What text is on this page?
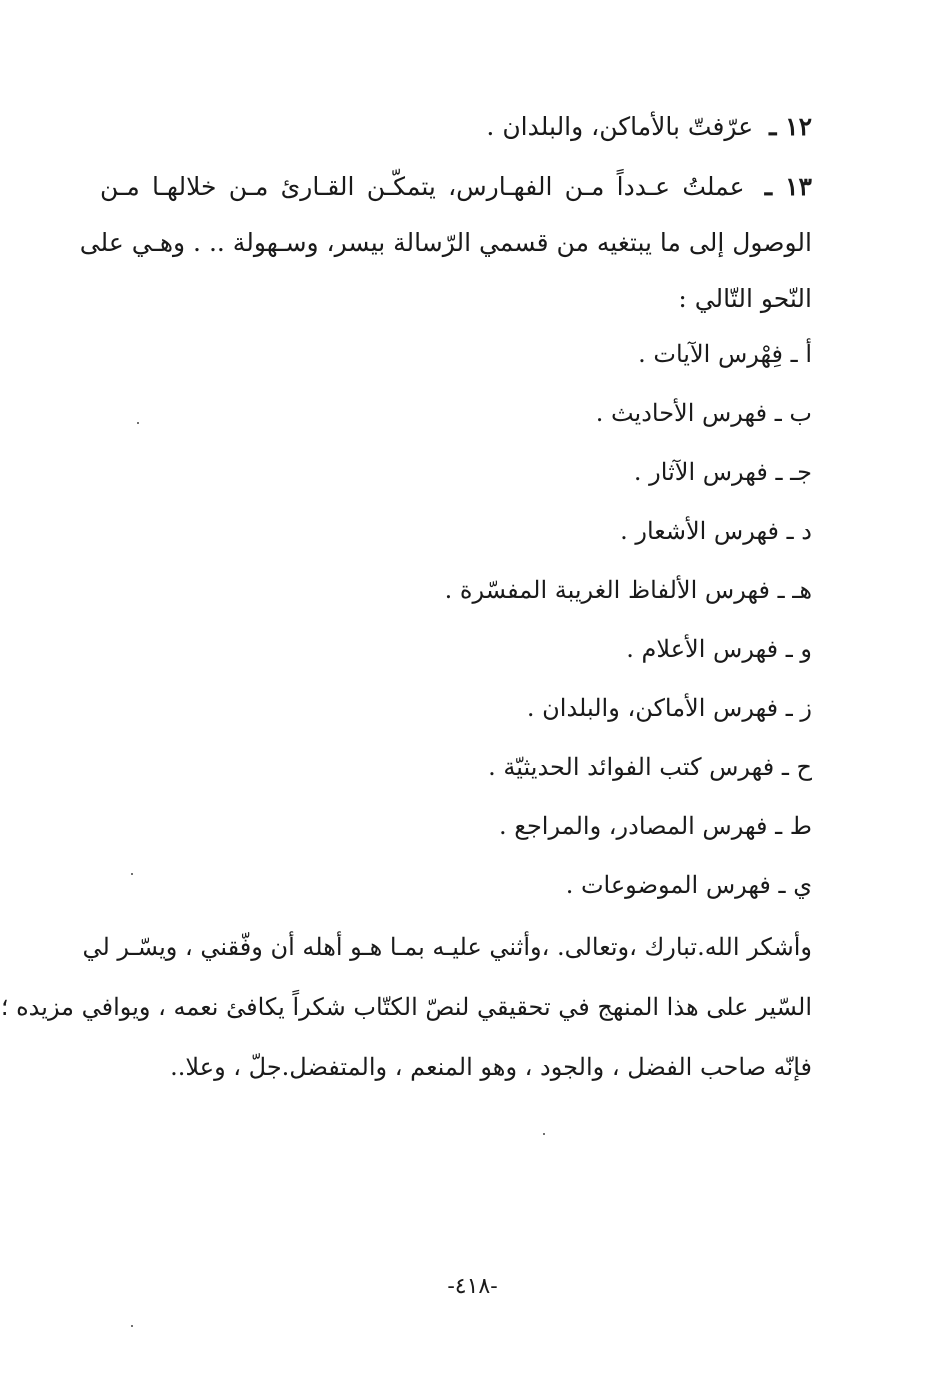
١٢ ـ عرّفتّ بالأماكن، والبلدان .
١٣ ـ عملتُ عـدداً مـن الفهـارس، يتمكّـن القـارئ مـن خلالهـا مـن
الوصول إلى ما يبتغيه من قسمي الرّسالة بيسر، وسـهولة .. . وهـي على
النّحو التّالي :
أ ـ فِهْرس الآيات .
ب ـ فهرس الأحاديث .
جـ ـ فهرس الآثار .
د ـ فهرس الأشعار .
هـ ـ فهرس الألفاظ الغريبة المفسّرة .
و ـ فهرس الأعلام .
ز ـ فهرس الأماكن، والبلدان .
ح ـ فهرس كتب الفوائد الحديثيّة .
ط ـ فهرس المصادر، والمراجع .
ي ـ فهرس الموضوعات .
وأشكر الله.تبارك ،وتعالى. ،وأثني عليـه بمـا هـو أهله أن وفّقني ، ويسّـر لي
السّير على هذا المنهج في تحقيقي لنصّ الكتّاب شكراً يكافئ نعمه ، ويوافي مزيده ؛
فإنّه صاحب الفضل ، والجود ، وهو المنعم ، والمتفضل.جلّ ، وعلا..
-٤١٨-
